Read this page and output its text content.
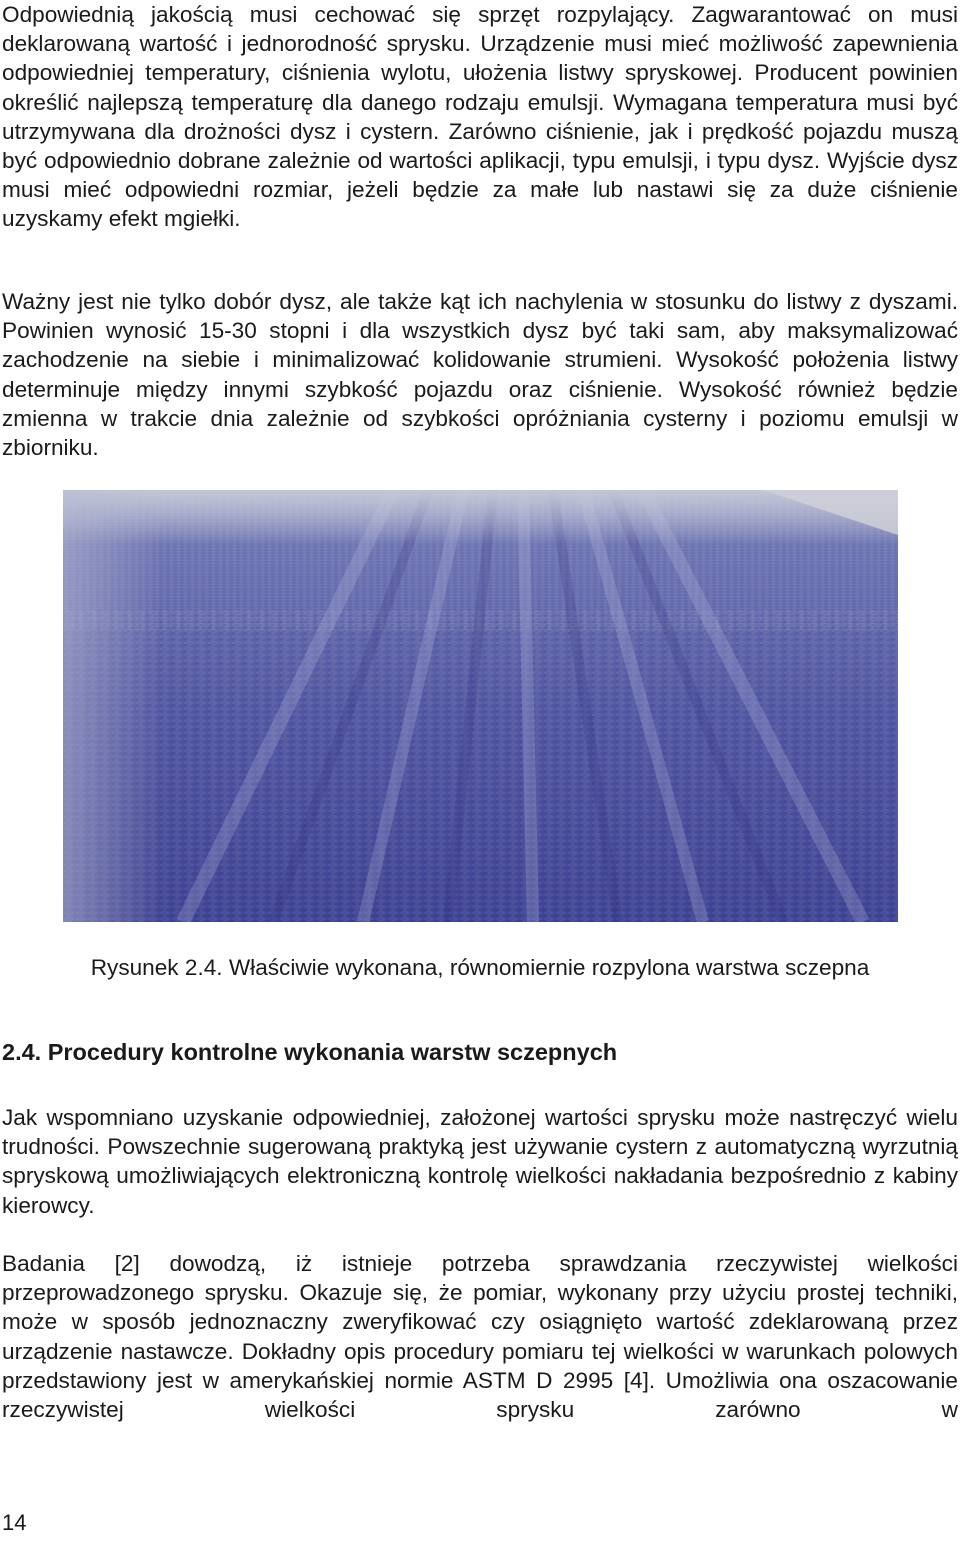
Odpowiednią jakością musi cechować się sprzęt rozpylający. Zagwarantować on musi deklarowaną wartość i jednorodność sprysku. Urządzenie musi mieć możliwość zapewnienia odpowiedniej temperatury, ciśnienia wylotu, ułożenia listwy spryskowej. Producent powinien określić najlepszą temperaturę dla danego rodzaju emulsji. Wymagana temperatura musi być utrzymywana dla drożności dysz i cystern. Zarówno ciśnienie, jak i prędkość pojazdu muszą być odpowiednio dobrane zależnie od wartości aplikacji, typu emulsji, i typu dysz. Wyjście dysz musi mieć odpowiedni rozmiar, jeżeli będzie za małe lub nastawi się za duże ciśnienie uzyskamy efekt mgiełki.

Ważny jest nie tylko dobór dysz, ale także kąt ich nachylenia w stosunku do listwy z dyszami. Powinien wynosić 15-30 stopni i dla wszystkich dysz być taki sam, aby maksymalizować zachodzenie na siebie i minimalizować kolidowanie strumieni. Wysokość położenia listwy determinuje między innymi szybkość pojazdu oraz ciśnienie. Wysokość również będzie zmienna w trakcie dnia zależnie od szybkości opróżniania cysterny i poziomu emulsji w zbiorniku.

Rysunek 2.4. Właściwie wykonana, równomiernie rozpylona warstwa sczepna

2.4. Procedury kontrolne wykonania warstw sczepnych

Jak wspomniano uzyskanie odpowiedniej, założonej wartości sprysku może nastręczyć wielu trudności. Powszechnie sugerowaną praktyką jest używanie cystern z automatyczną wyrzutnią spryskową umożliwiających elektroniczną kontrolę wielkości nakładania bezpośrednio z kabiny kierowcy.

Badania [2] dowodzą, iż istnieje potrzeba sprawdzania rzeczywistej wielkości przeprowadzonego sprysku. Okazuje się, że pomiar, wykonany przy użyciu prostej techniki, może w sposób jednoznaczny zweryfikować czy osiągnięto wartość zdeklarowaną przez urządzenie nastawcze. Dokładny opis procedury pomiaru tej wielkości w warunkach polowych przedstawiony jest w amerykańskiej normie ASTM D 2995 [4]. Umożliwia ona oszacowanie rzeczywistej wielkości sprysku zarówno w

14
